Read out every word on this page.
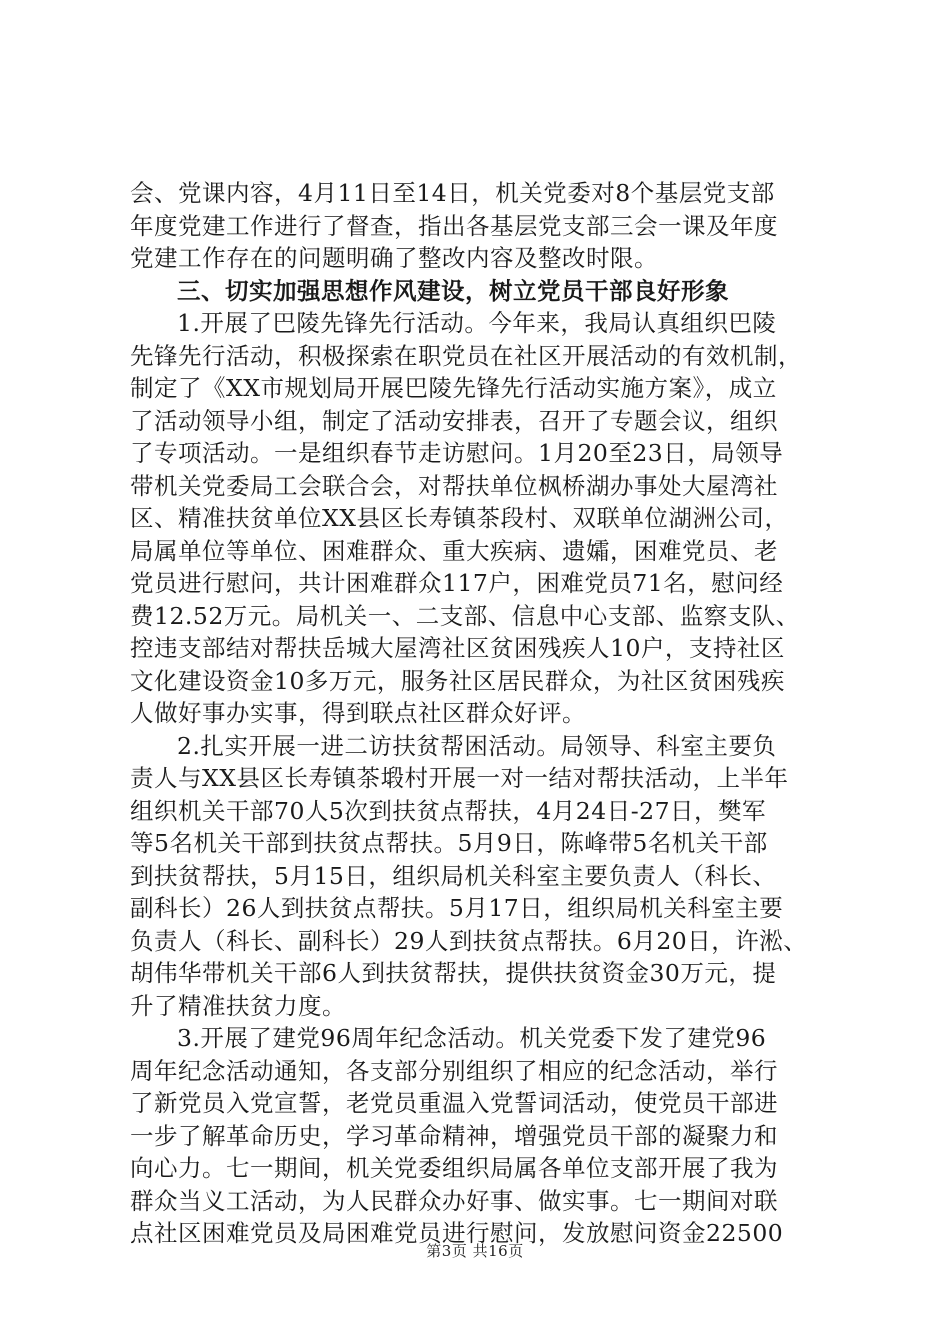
会、党课内容，4月11日至14日，机关党委对8个基层党支部
年度党建工作进行了督查，指出各基层党支部三会一课及年度
党建工作存在的问题明确了整改内容及整改时限。
三、切实加强思想作风建设，树立党员干部良好形象
1.开展了巴陵先锋先行活动。今年来，我局认真组织巴陵
先锋先行活动，积极探索在职党员在社区开展活动的有效机制，
制定了《XX市规划局开展巴陵先锋先行活动实施方案》，成立
了活动领导小组，制定了活动安排表，召开了专题会议，组织
了专项活动。一是组织春节走访慰问。1月20至23日，局领导
带机关党委局工会联合会，对帮扶单位枫桥湖办事处大屋湾社
区、精准扶贫单位XX县区长寿镇茶段村、双联单位湖洲公司，
局属单位等单位、困难群众、重大疾病、遗孀，困难党员、老
党员进行慰问，共计困难群众117户，困难党员71名，慰问经
费12.52万元。局机关一、二支部、信息中心支部、监察支队、
控违支部结对帮扶岳城大屋湾社区贫困残疾人10户，支持社区
文化建设资金10多万元，服务社区居民群众，为社区贫困残疾
人做好事办实事，得到联点社区群众好评。
2.扎实开展一进二访扶贫帮困活动。局领导、科室主要负
责人与XX县区长寿镇茶塅村开展一对一结对帮扶活动，上半年
组织机关干部70人5次到扶贫点帮扶，4月24日-27日，樊军
等5名机关干部到扶贫点帮扶。5月9日，陈峰带5名机关干部
到扶贫帮扶，5月15日，组织局机关科室主要负责人（科长、
副科长）26人到扶贫点帮扶。5月17日，组织局机关科室主要
负责人（科长、副科长）29人到扶贫点帮扶。6月20日，许淞、
胡伟华带机关干部6人到扶贫帮扶，提供扶贫资金30万元，提
升了精准扶贫力度。
3.开展了建党96周年纪念活动。机关党委下发了建党96
周年纪念活动通知，各支部分别组织了相应的纪念活动，举行
了新党员入党宣誓，老党员重温入党誓词活动，使党员干部进
一步了解革命历史，学习革命精神，增强党员干部的凝聚力和
向心力。七一期间，机关党委组织局属各单位支部开展了我为
群众当义工活动，为人民群众办好事、做实事。七一期间对联
点社区困难党员及局困难党员进行慰问，发放慰问资金22500
第3页 共16页
